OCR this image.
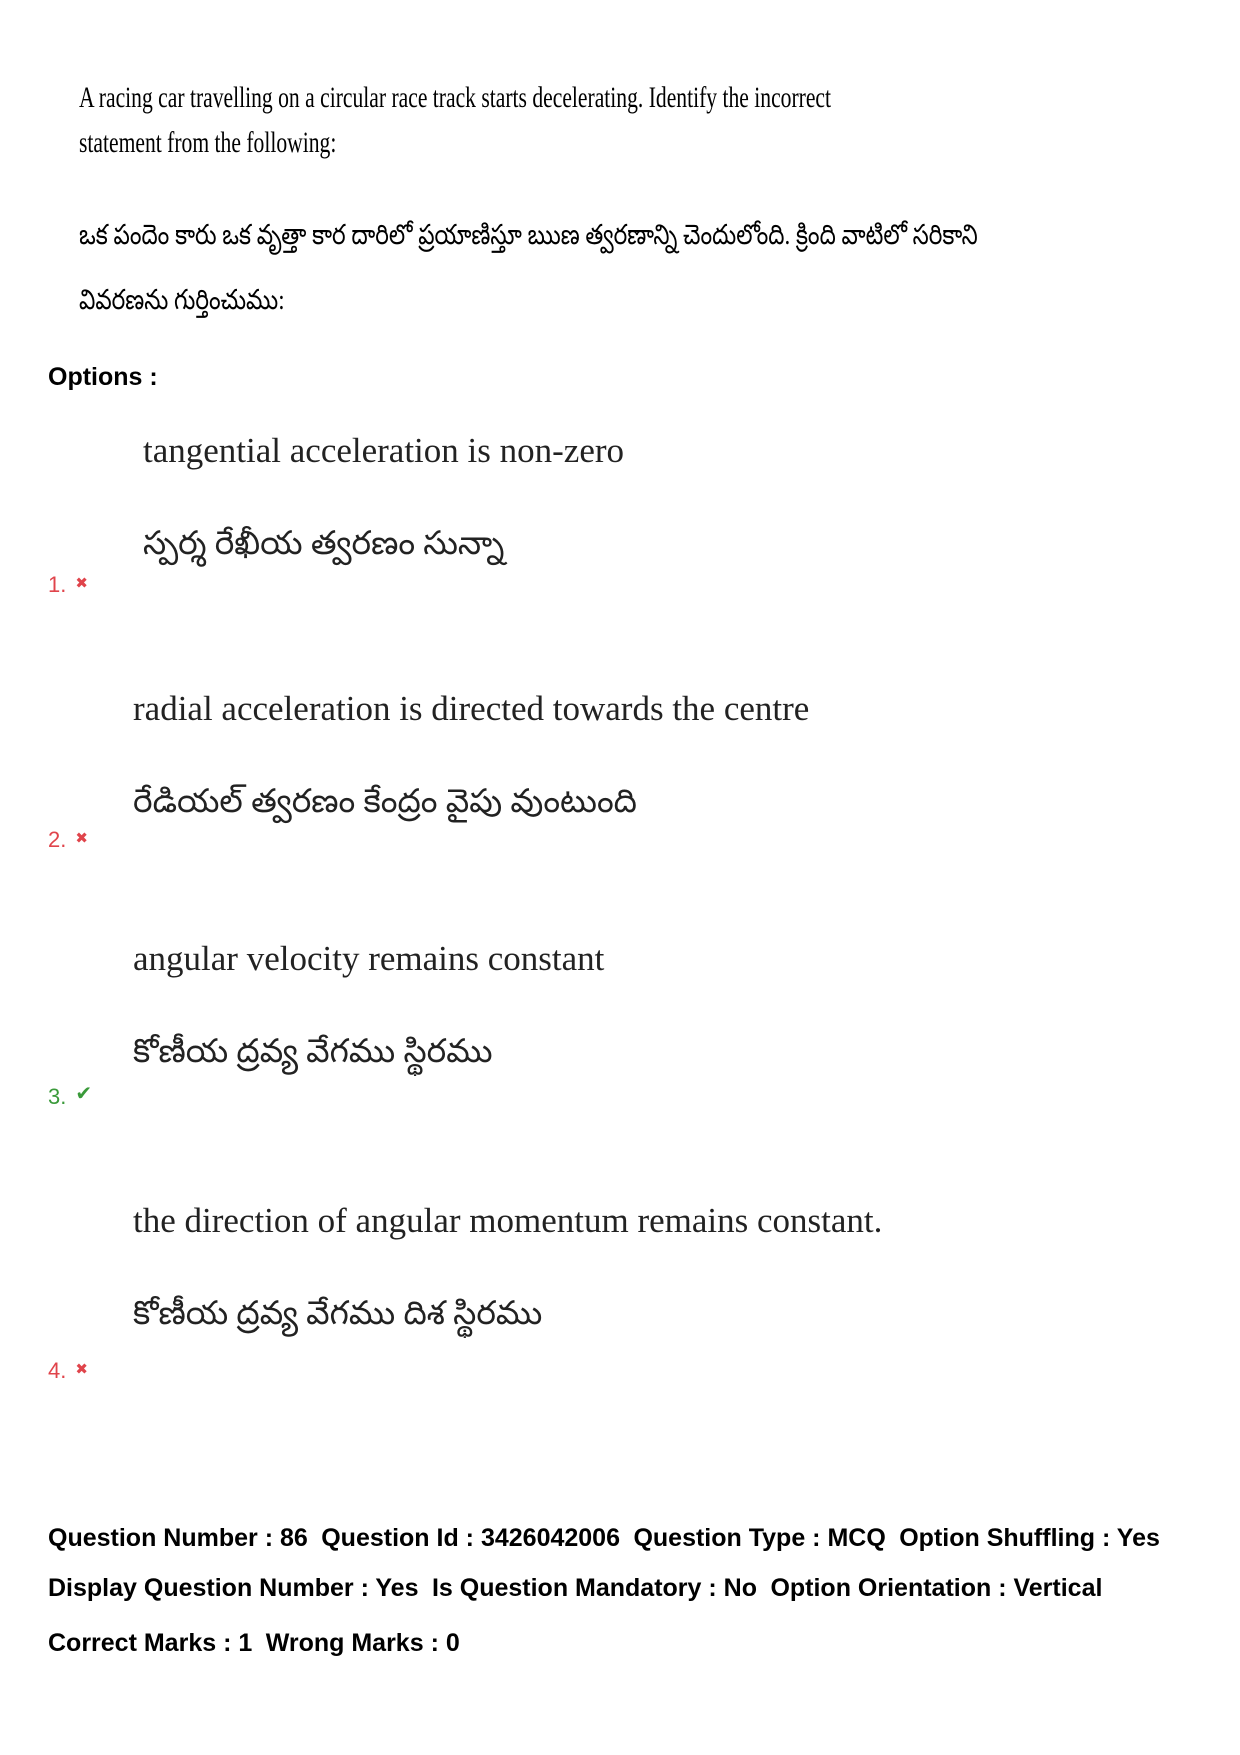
A racing car travelling on a circular race track starts decelerating. Identify the incorrect
statement from the following:
ఒక పందెం కారు ఒక వృత్తా కార దారిలో ప్రయాణిస్తూ ఋణ త్వరణాన్ని చెందులోంది. క్రింది వాటిలో సరికాని
వివరణను గుర్తించుము:
Options :
tangential acceleration is non-zero
స్పర్శ రేఖీయ త్వరణం సున్నా
1.✖
radial acceleration is directed towards the centre
రేడియల్ త్వరణం కేంద్రం వైపు వుంటుంది
2.✖
angular velocity remains constant
కోణీయ ద్రవ్య వేగము స్థిరము
3.✔
the direction of angular momentum remains constant.
కోణీయ ద్రవ్య వేగము దిశ స్థిరము
4.✖
Question Number : 86 Question Id : 3426042006 Question Type : MCQ Option Shuffling : Yes
Display Question Number : Yes Is Question Mandatory : No Option Orientation : Vertical
Correct Marks : 1 Wrong Marks : 0
